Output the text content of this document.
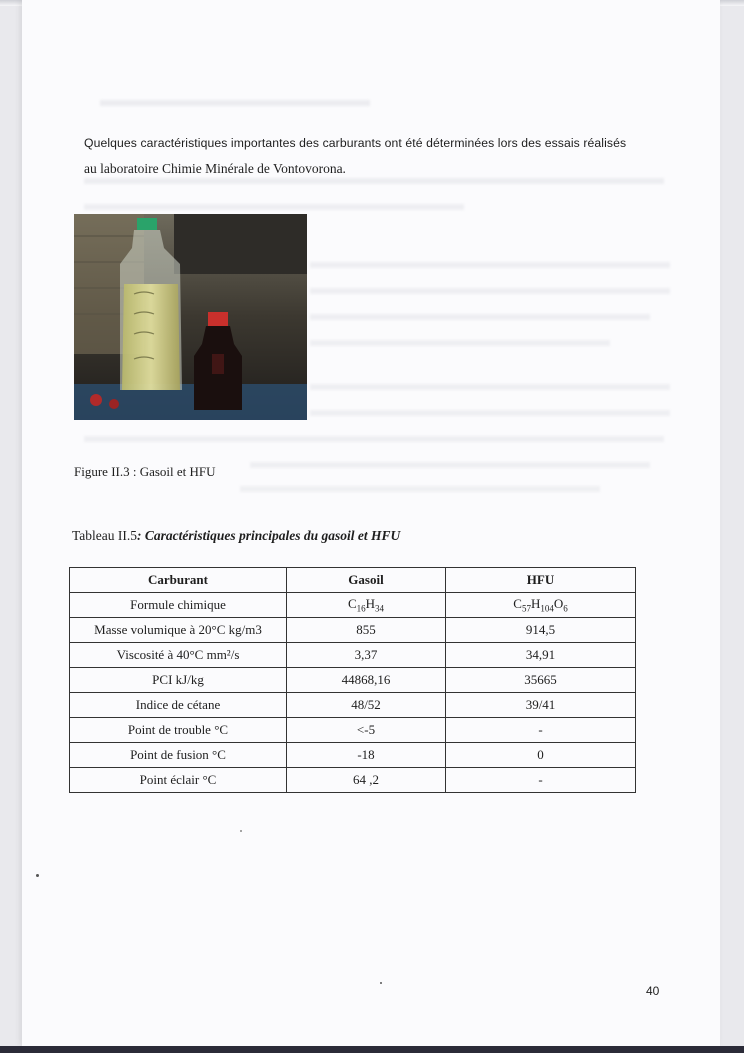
Quelques caractéristiques importantes des carburants ont été déterminées lors des essais réalisés
au laboratoire Chimie Minérale de Vontovorona.
Figure II.3 : Gasoil et HFU
Tableau II.5: Caractéristiques principales du gasoil et HFU
Carburant	Gasoil	HFU
Formule chimique	$C_{16}H_{34}$	$C_{57}H_{104}O_6$
Masse volumique à 20°C kg/m3	855	914,5
Viscosité à 40°C mm²/s	3,37	34,91
PCI kJ/kg	44868,16	35665
Indice de cétane	48/52	39/41
Point de trouble °C	<-5	-
Point de fusion °C	-18	0
Point éclair °C	64 ,2	-
40
